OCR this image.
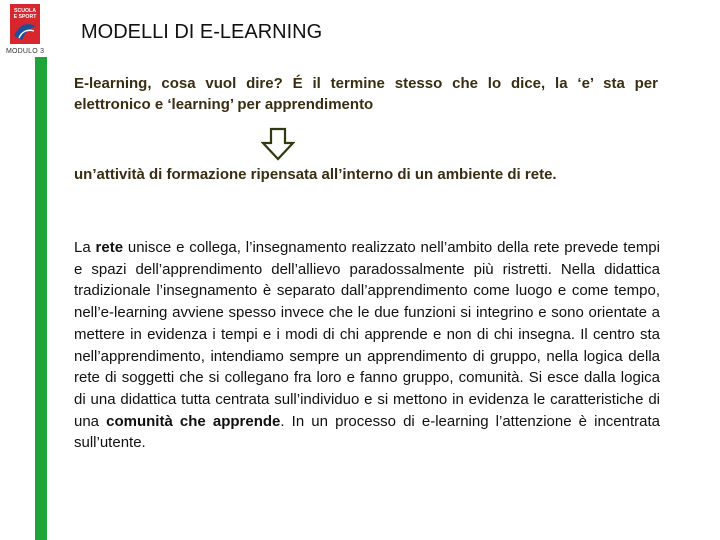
SCUOLA
E SPORT
MODULO 3
MODELLI DI E-LEARNING
E-learning, cosa vuol dire? É il termine stesso che lo dice, la ‘e’ sta per elettronico e ‘learning’ per apprendimento
un’attività di formazione ripensata all’interno di un ambiente di rete.
La rete unisce e collega, l’insegnamento realizzato nell’ambito della rete prevede tempi e spazi dell’apprendimento dell’allievo paradossalmente più ristretti. Nella didattica tradizionale l’insegnamento è separato dall’apprendimento come luogo e come tempo, nell’e-learning avviene spesso invece che le due funzioni si integrino e sono orientate a mettere in evidenza i tempi e i modi di chi apprende e non di chi insegna. Il centro sta nell’apprendimento, intendiamo sempre un apprendimento di gruppo, nella logica della rete di soggetti che si collegano fra loro e fanno gruppo, comunità. Si esce dalla logica di una didattica tutta centrata sull’individuo e si mettono in evidenza le caratteristiche di una comunità che apprende. In un processo di e-learning l’attenzione è incentrata sull’utente.
